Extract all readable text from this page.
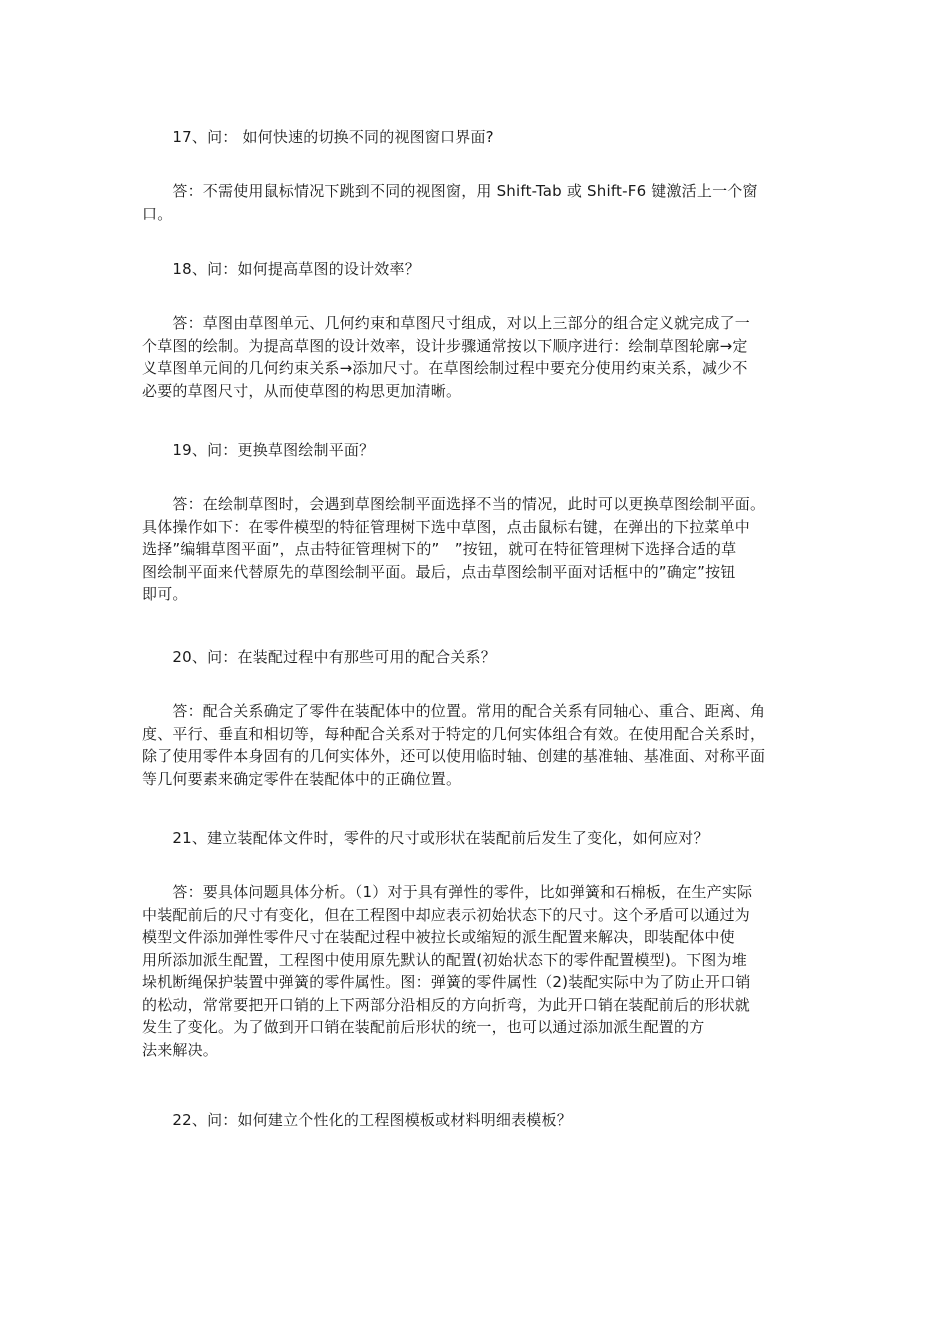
　　17、问： 如何快速的切换不同的视图窗口界面?

　　答：不需使用鼠标情况下跳到不同的视图窗，用 Shift-Tab 或 Shift-F6 键激活上一个窗
口。

　　18、问：如何提高草图的设计效率？

　　答：草图由草图单元、几何约束和草图尺寸组成，对以上三部分的组合定义就完成了一
个草图的绘制。为提高草图的设计效率，设计步骤通常按以下顺序进行：绘制草图轮廓→定
义草图单元间的几何约束关系→添加尺寸。在草图绘制过程中要充分使用约束关系，减少不
必要的草图尺寸，从而使草图的构思更加清晰。

　　19、问：更换草图绘制平面？

　　答：在绘制草图时，会遇到草图绘制平面选择不当的情况，此时可以更换草图绘制平面。
具体操作如下：在零件模型的特征管理树下选中草图，点击鼠标右键，在弹出的下拉菜单中
选择”编辑草图平面”，点击特征管理树下的”　”按钮，就可在特征管理树下选择合适的草
图绘制平面来代替原先的草图绘制平面。最后，点击草图绘制平面对话框中的”确定”按钮
即可。

　　20、问：在装配过程中有那些可用的配合关系？

　　答：配合关系确定了零件在装配体中的位置。常用的配合关系有同轴心、重合、距离、角
度、平行、垂直和相切等，每种配合关系对于特定的几何实体组合有效。在使用配合关系时，
除了使用零件本身固有的几何实体外，还可以使用临时轴、创建的基准轴、基准面、对称平面
等几何要素来确定零件在装配体中的正确位置。

　　21、建立装配体文件时，零件的尺寸或形状在装配前后发生了变化，如何应对？

　　答：要具体问题具体分析。（1）对于具有弹性的零件，比如弹簧和石棉板，在生产实际
中装配前后的尺寸有变化，但在工程图中却应表示初始状态下的尺寸。这个矛盾可以通过为
模型文件添加弹性零件尺寸在装配过程中被拉长或缩短的派生配置来解决，即装配体中使
用所添加派生配置，工程图中使用原先默认的配置(初始状态下的零件配置模型)。下图为堆
垛机断绳保护装置中弹簧的零件属性。图：弹簧的零件属性（2)装配实际中为了防止开口销
的松动，常常要把开口销的上下两部分沿相反的方向折弯，为此开口销在装配前后的形状就
发生了变化。为了做到开口销在装配前后形状的统一，也可以通过添加派生配置的方
法来解决。

　　22、问：如何建立个性化的工程图模板或材料明细表模板？
